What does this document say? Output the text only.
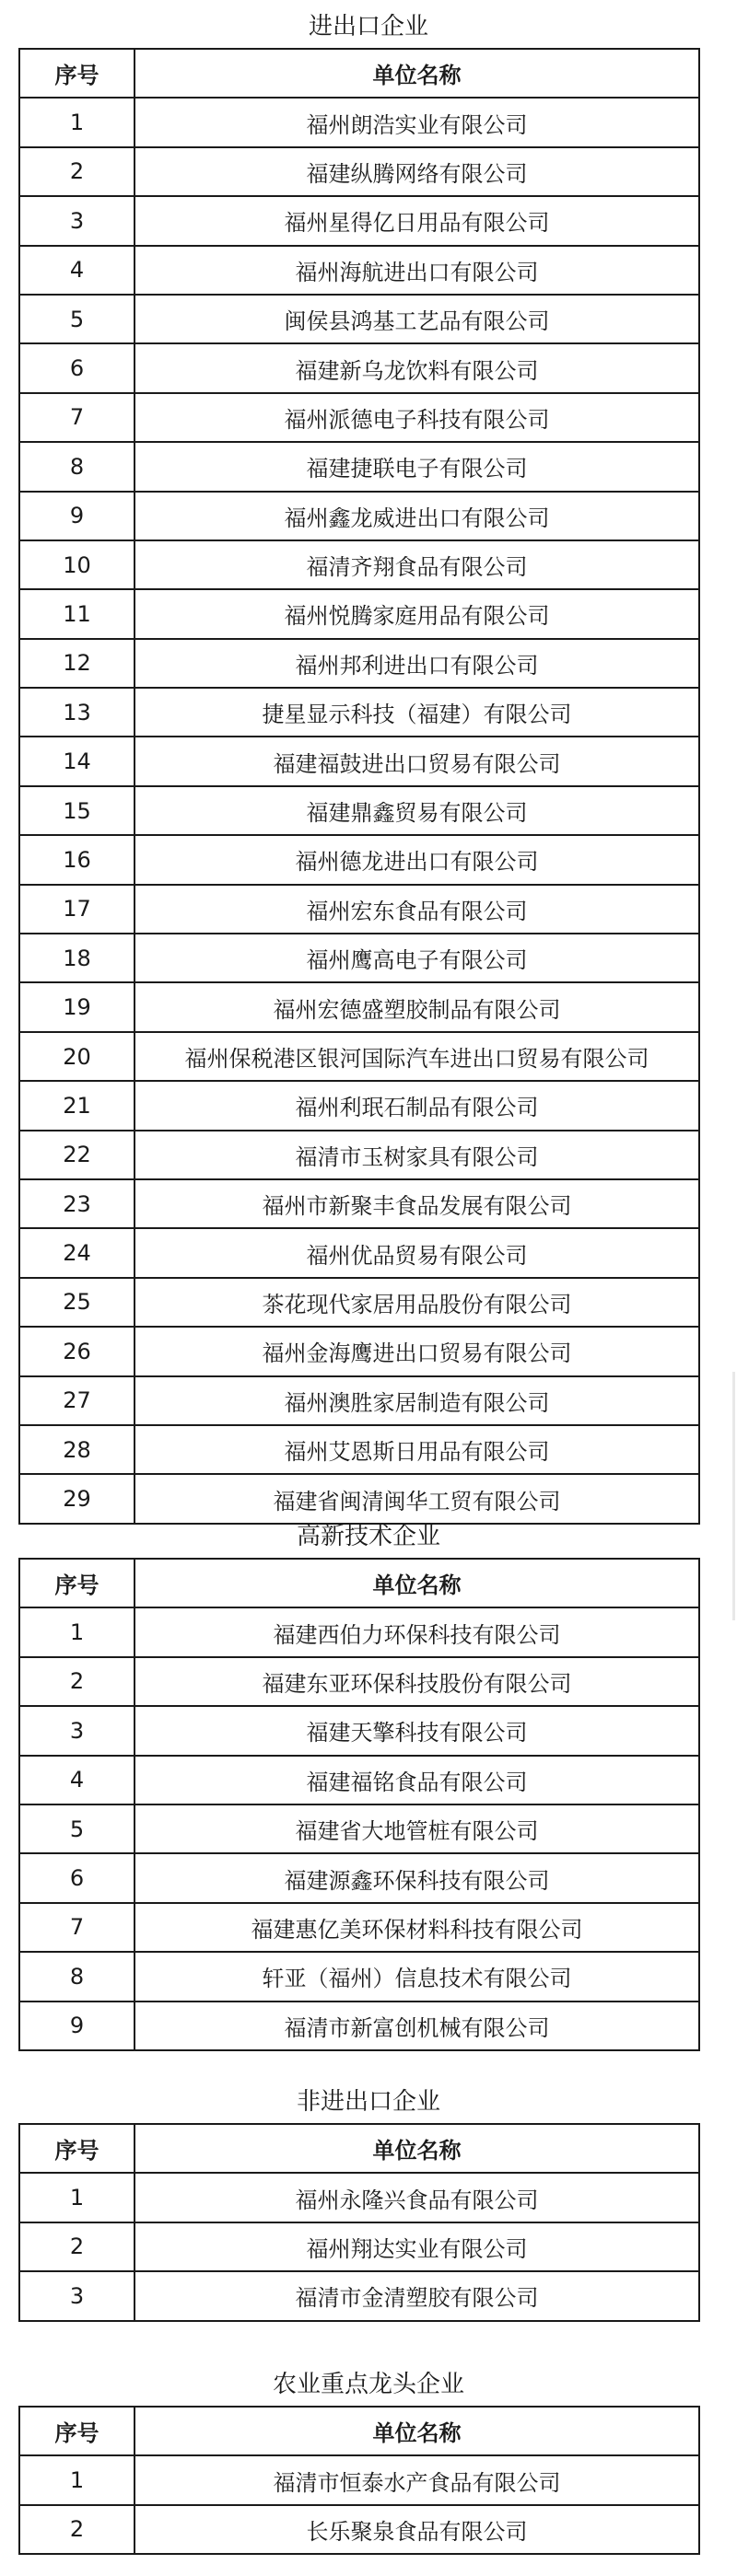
进出口企业
序号	单位名称
1	福州朗浩实业有限公司
2	福建纵腾网络有限公司
3	福州星得亿日用品有限公司
4	福州海航进出口有限公司
5	闽侯县鸿基工艺品有限公司
6	福建新乌龙饮料有限公司
7	福州派德电子科技有限公司
8	福建捷联电子有限公司
9	福州鑫龙威进出口有限公司
10	福清齐翔食品有限公司
11	福州悦腾家庭用品有限公司
12	福州邦利进出口有限公司
13	捷星显示科技（福建）有限公司
14	福建福鼓进出口贸易有限公司
15	福建鼎鑫贸易有限公司
16	福州德龙进出口有限公司
17	福州宏东食品有限公司
18	福州鹰高电子有限公司
19	福州宏德盛塑胶制品有限公司
20	福州保税港区银河国际汽车进出口贸易有限公司
21	福州利珉石制品有限公司
22	福清市玉树家具有限公司
23	福州市新聚丰食品发展有限公司
24	福州优品贸易有限公司
25	茶花现代家居用品股份有限公司
26	福州金海鹰进出口贸易有限公司
27	福州澳胜家居制造有限公司
28	福州艾恩斯日用品有限公司
29	福建省闽清闽华工贸有限公司
高新技术企业
序号	单位名称
1	福建西伯力环保科技有限公司
2	福建东亚环保科技股份有限公司
3	福建天擎科技有限公司
4	福建福铭食品有限公司
5	福建省大地管桩有限公司
6	福建源鑫环保科技有限公司
7	福建惠亿美环保材料科技有限公司
8	轩亚（福州）信息技术有限公司
9	福清市新富创机械有限公司
非进出口企业
序号	单位名称
1	福州永隆兴食品有限公司
2	福州翔达实业有限公司
3	福清市金清塑胶有限公司
农业重点龙头企业
序号	单位名称
1	福清市恒泰水产食品有限公司
2	长乐聚泉食品有限公司
